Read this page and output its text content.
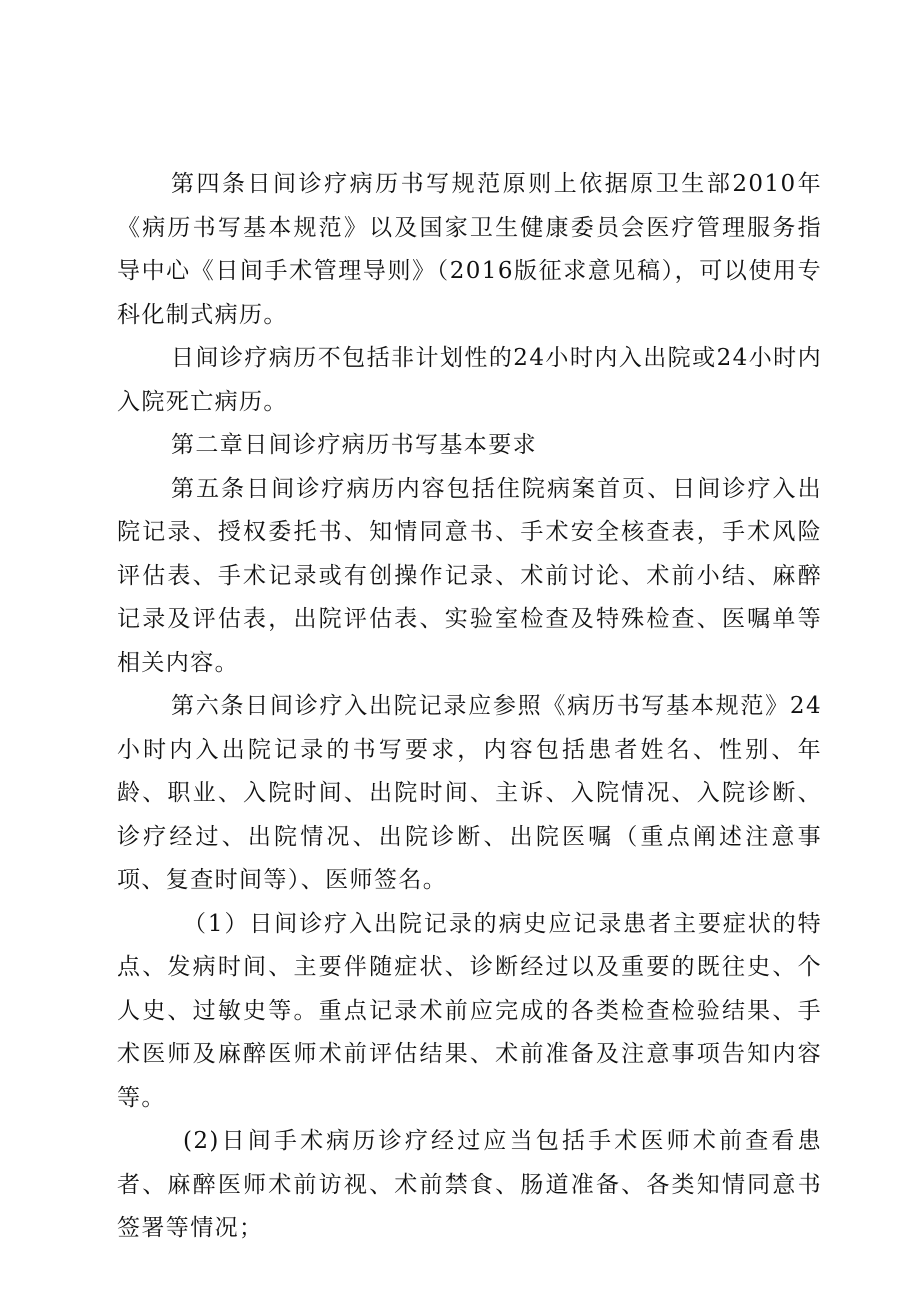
第四条日间诊疗病历书写规范原则上依据原卫生部2010年《病历书写基本规范》以及国家卫生健康委员会医疗管理服务指导中心《日间手术管理导则》（2016版征求意见稿），可以使用专科化制式病历。

日间诊疗病历不包括非计划性的24小时内入出院或24小时内入院死亡病历。

第二章日间诊疗病历书写基本要求

第五条日间诊疗病历内容包括住院病案首页、日间诊疗入出院记录、授权委托书、知情同意书、手术安全核查表，手术风险评估表、手术记录或有创操作记录、术前讨论、术前小结、麻醉记录及评估表，出院评估表、实验室检查及特殊检查、医嘱单等相关内容。

第六条日间诊疗入出院记录应参照《病历书写基本规范》24小时内入出院记录的书写要求，内容包括患者姓名、性别、年龄、职业、入院时间、出院时间、主诉、入院情况、入院诊断、诊疗经过、出院情况、出院诊断、出院医嘱（重点阐述注意事项、复查时间等）、医师签名。

（1）日间诊疗入出院记录的病史应记录患者主要症状的特点、发病时间、主要伴随症状、诊断经过以及重要的既往史、个人史、过敏史等。重点记录术前应完成的各类检查检验结果、手术医师及麻醉医师术前评估结果、术前准备及注意事项告知内容等。

(2)日间手术病历诊疗经过应当包括手术医师术前查看患者、麻醉医师术前访视、术前禁食、肠道准备、各类知情同意书签署等情况；
